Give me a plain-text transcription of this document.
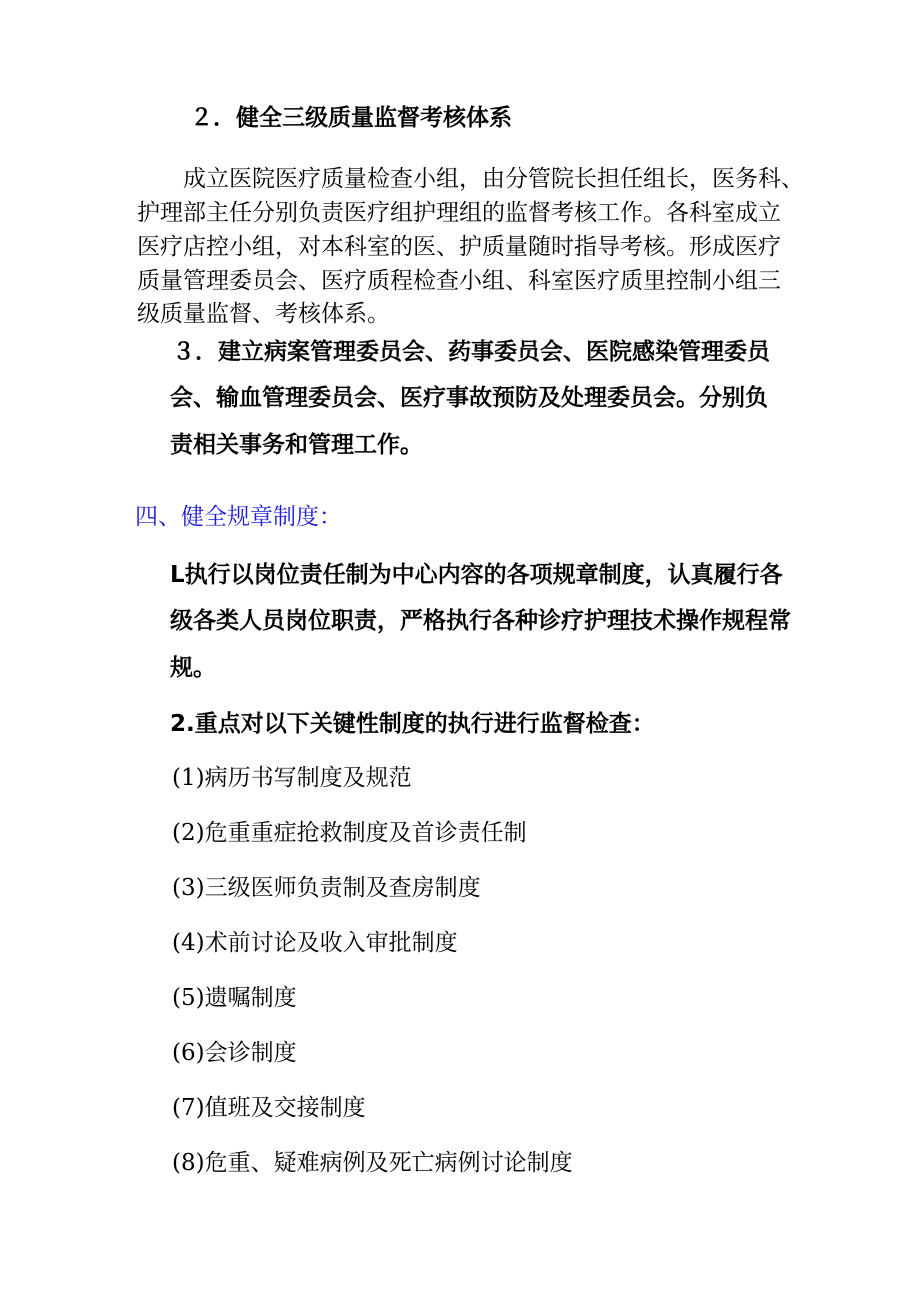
２．健全三级质量监督考核体系
成立医院医疗质量检查小组，由分管院长担任组长，医务科、
护理部主任分别负责医疗组护理组的监督考核工作。各科室成立
医疗店控小组，对本科室的医、护质量随时指导考核。形成医疗
质量管理委员会、医疗质程检查小组、科室医疗质里控制小组三
级质量监督、考核体系。
３．建立病案管理委员会、药事委员会、医院感染管理委员
会、输血管理委员会、医疗事故预防及处理委员会。分别负
责相关事务和管理工作。
四、健全规章制度：
L执行以岗位责任制为中心内容的各项规章制度，认真履行各
级各类人员岗位职责，严格执行各种诊疗护理技术操作规程常
规。
2.重点对以下关键性制度的执行进行监督检查：
(1)病历书写制度及规范
(2)危重重症抢救制度及首诊责任制
(3)三级医师负责制及查房制度
(4)术前讨论及收入审批制度
(5)遗嘱制度
(6)会诊制度
(7)值班及交接制度
(8)危重、疑难病例及死亡病例讨论制度
